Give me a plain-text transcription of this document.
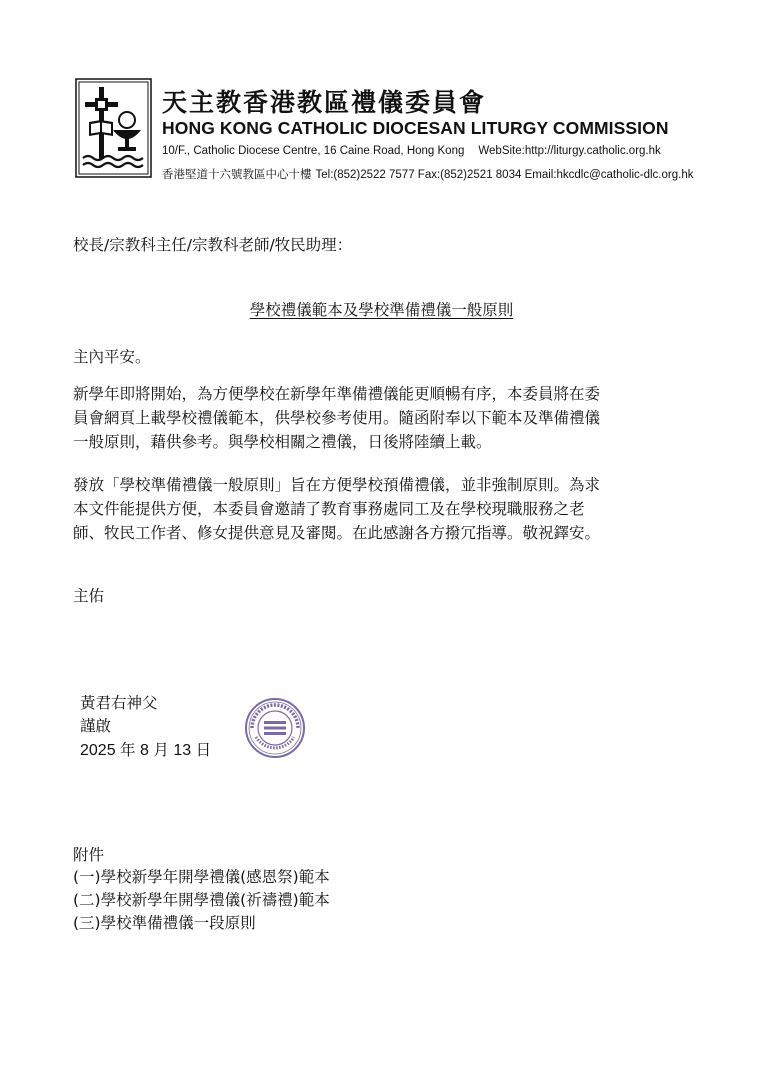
天主教香港教區禮儀委員會
HONG KONG CATHOLIC DIOCESAN LITURGY COMMISSION
10/F., Catholic Diocese Centre, 16 Caine Road, Hong Kong WebSite:http://liturgy.catholic.org.hk
香港堅道十六號教區中心十樓 Tel:(852)2522 7577 Fax:(852)2521 8034 Email:hkcdlc@catholic-dlc.org.hk
校長/宗教科主任/宗教科老師/牧民助理：
學校禮儀範本及學校準備禮儀一般原則
主內平安。
新學年即將開始，為方便學校在新學年準備禮儀能更順暢有序，本委員將在委
員會網頁上載學校禮儀範本，供學校參考使用。隨函附奉以下範本及準備禮儀
一般原則，藉供參考。與學校相關之禮儀，日後將陸續上載。
發放「學校準備禮儀一般原則」旨在方便學校預備禮儀，並非強制原則。為求
本文件能提供方便，本委員會邀請了教育事務處同工及在學校現職服務之老
師、牧民工作者、修女提供意見及審閱。在此感謝各方撥冗指導。敬祝鐸安。
主佑
黃君右神父
謹啟
2025 年 8 月 13 日
附件
(一)學校新學年開學禮儀(感恩祭)範本
(二)學校新學年開學禮儀(祈禱禮)範本
(三)學校準備禮儀一段原則
